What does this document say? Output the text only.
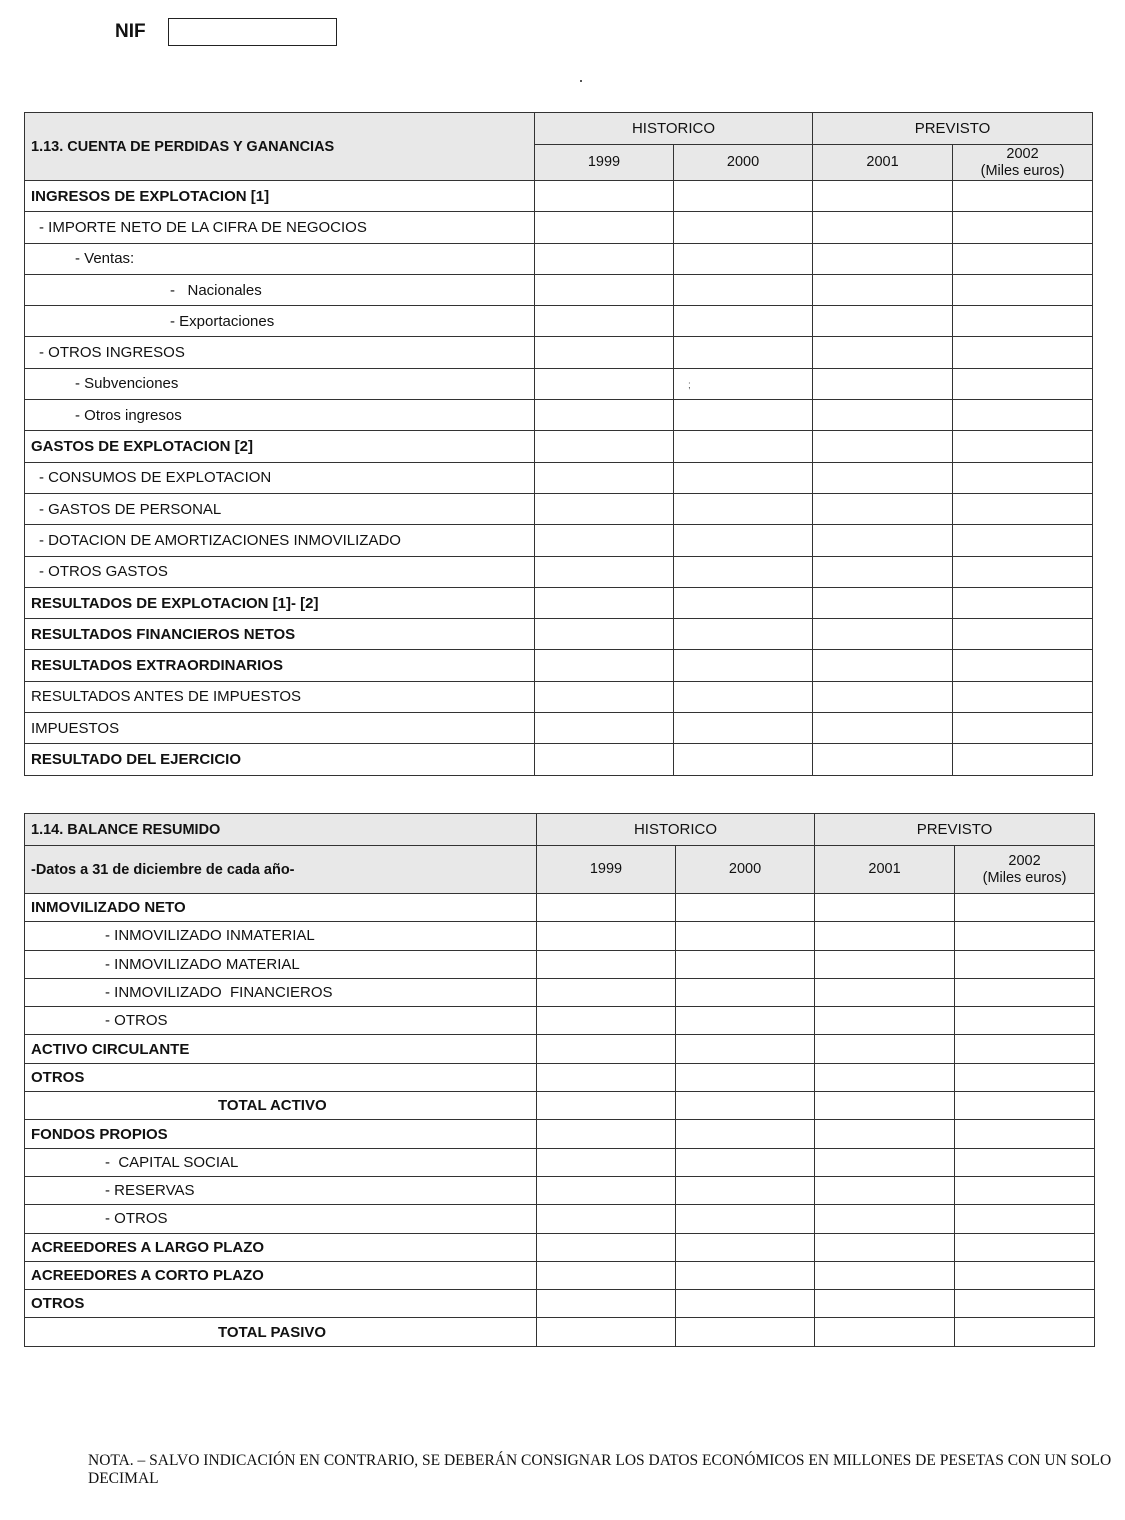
NIF
1.13. CUENTA DE PERDIDAS Y GANANCIAS	HISTORICO		PREVISTO	
	1999	2000	2001	2002
(Miles euros)
INGRESOS DE EXPLOTACION [1]				
- IMPORTE NETO DE LA CIFRA DE NEGOCIOS				
- Ventas:				
-   Nacionales				
- Exportaciones				
- OTROS INGRESOS				
- Subvenciones		;		
- Otros ingresos				
GASTOS DE EXPLOTACION [2]				
- CONSUMOS DE EXPLOTACION				
- GASTOS DE PERSONAL				
- DOTACION DE AMORTIZACIONES INMOVILIZADO				
- OTROS GASTOS				
RESULTADOS DE EXPLOTACION [1]- [2]				
RESULTADOS FINANCIEROS NETOS				
RESULTADOS EXTRAORDINARIOS				
RESULTADOS ANTES DE IMPUESTOS				
IMPUESTOS				
RESULTADO DEL EJERCICIO				
1.14. BALANCE RESUMIDO	HISTORICO		PREVISTO	
-Datos a 31 de diciembre de cada año-	1999	2000	2001	2002
(Miles euros)
INMOVILIZADO NETO				
- INMOVILIZADO INMATERIAL				
- INMOVILIZADO MATERIAL				
- INMOVILIZADO  FINANCIEROS				
- OTROS				
ACTIVO CIRCULANTE				
OTROS				
TOTAL ACTIVO				
FONDOS PROPIOS				
-  CAPITAL SOCIAL				
- RESERVAS				
- OTROS				
ACREEDORES A LARGO PLAZO				
ACREEDORES A CORTO PLAZO				
OTROS				
TOTAL PASIVO				
NOTA. – SALVO INDICACIÓN EN CONTRARIO, SE DEBERÁN CONSIGNAR LOS DATOS ECONÓMICOS EN MILLONES DE PESETAS CON UN SOLO DECIMAL
